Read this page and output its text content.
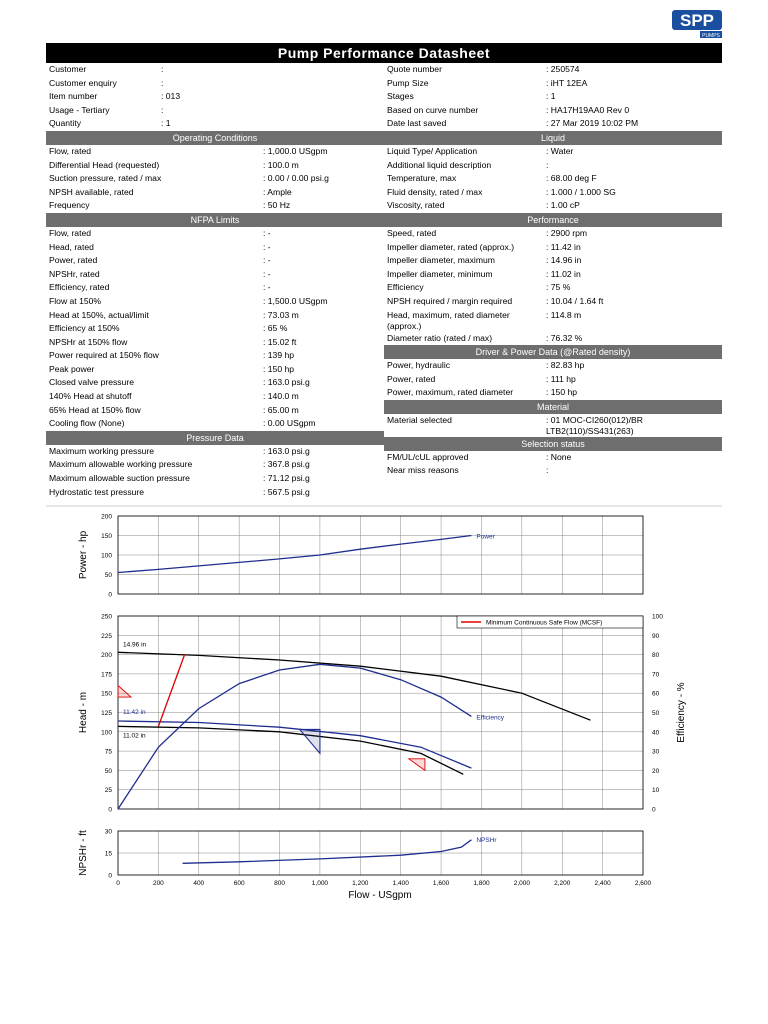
SPP
PUMPS
Pump Performance Datasheet
Customer	:
Customer enquiry	:
Item number	: 013
Usage - Tertiary	:
Quantity	: 1
Operating Conditions
Flow, rated	: 1,000.0 USgpm
Differential Head (requested)	: 100.0 m
Suction pressure, rated / max	: 0.00 / 0.00 psi.g
NPSH available, rated	: Ample
Frequency	: 50 Hz
NFPA Limits
Flow, rated	: -
Head, rated	: -
Power, rated	: -
NPSHr, rated	: -
Efficiency, rated	: -
Flow at 150%	: 1,500.0 USgpm
Head at 150%, actual/limit	: 73.03 m
Efficiency at 150%	: 65 %
NPSHr at 150% flow	: 15.02 ft
Power required at 150% flow	: 139 hp
Peak power	: 150 hp
Closed valve pressure	: 163.0 psi.g
140% Head at shutoff	: 140.0 m
65% Head at 150% flow	: 65.00 m
Cooling flow (None)	: 0.00 USgpm
Pressure Data
Maximum working pressure	: 163.0 psi.g
Maximum allowable working pressure	: 367.8 psi.g
Maximum allowable suction pressure	: 71.12 psi.g
Hydrostatic test pressure	: 567.5 psi.g
Quote number	: 250574
Pump Size	: iHT 12EA
Stages	: 1
Based on curve number	: HA17H19AA0 Rev 0
Date last saved	: 27 Mar 2019 10:02 PM
Liquid
Liquid Type/ Application	: Water
Additional liquid description	:
Temperature, max	: 68.00 deg F
Fluid density, rated / max	: 1.000 / 1.000 SG
Viscosity, rated	: 1.00 cP
Performance
Speed, rated	: 2900 rpm
Impeller diameter, rated (approx.)	: 11.42 in
Impeller diameter, maximum	: 14.96 in
Impeller diameter, minimum	: 11.02 in
Efficiency	: 75 %
NPSH required / margin required	: 10.04 / 1.64 ft
Head, maximum, rated diameter (approx.)
: 114.8 m
Diameter ratio (rated / max)	: 76.32 %
Driver & Power Data (@Rated density)
Power, hydraulic	: 82.83 hp
Power, rated	: 111 hp
Power, maximum, rated diameter	: 150 hp
Material
Material selected	: 01 MOC-CI260(012)/BR LTB2(110)/SS431(263)
Selection status
FM/UL/cUL approved	: None
Near miss reasons	:
0
50
100
150
200
Power - hp	Power
0
25
50
75
100
125
150
175
200
225
250
Head - m
0
10
20
30
40
50
60
70
80
90
100
Efficiency - %
14.96 in
11.42 in
11.02 in
Efficiency
Minimum Continuous Safe Flow (MCSF)
0
15
30
NPSHr - ft	NPSHr
0	200	400	600	800	1,000	1,200	1,400	1,600	1,800	2,000	2,200	2,400	2,600
Flow - USgpm
